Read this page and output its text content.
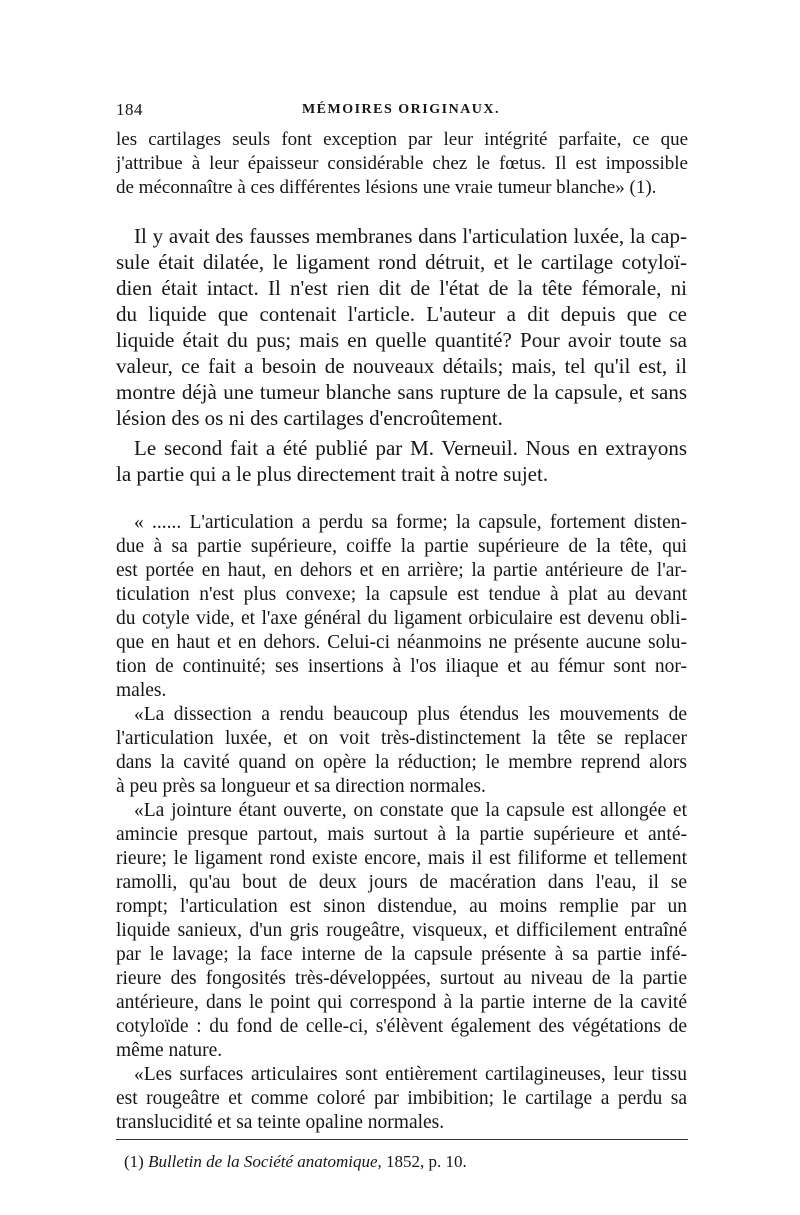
184	MÉMOIRES ORIGINAUX.
les cartilages seuls font exception par leur intégrité parfaite, ce que
j'attribue à leur épaisseur considérable chez le fœtus. Il est impossible
de méconnaître à ces différentes lésions une vraie tumeur blanche» (1).
Il y avait des fausses membranes dans l'articulation luxée, la cap-
sule était dilatée, le ligament rond détruit, et le cartilage cotyloï-
dien était intact. Il n'est rien dit de l'état de la tête fémorale, ni
du liquide que contenait l'article. L'auteur a dit depuis que ce
liquide était du pus; mais en quelle quantité? Pour avoir toute sa
valeur, ce fait a besoin de nouveaux détails; mais, tel qu'il est, il
montre déjà une tumeur blanche sans rupture de la capsule, et sans
lésion des os ni des cartilages d'encroûtement.
Le second fait a été publié par M. Verneuil. Nous en extrayons
la partie qui a le plus directement trait à notre sujet.
« ...... L'articulation a perdu sa forme; la capsule, fortement disten-
due à sa partie supérieure, coiffe la partie supérieure de la tête, qui
est portée en haut, en dehors et en arrière; la partie antérieure de l'ar-
ticulation n'est plus convexe; la capsule est tendue à plat au devant
du cotyle vide, et l'axe général du ligament orbiculaire est devenu obli-
que en haut et en dehors. Celui-ci néanmoins ne présente aucune solu-
tion de continuité; ses insertions à l'os iliaque et au fémur sont nor-
males.
«La dissection a rendu beaucoup plus étendus les mouvements de
l'articulation luxée, et on voit très-distinctement la tête se replacer
dans la cavité quand on opère la réduction; le membre reprend alors
à peu près sa longueur et sa direction normales.
«La jointure étant ouverte, on constate que la capsule est allongée et
amincie presque partout, mais surtout à la partie supérieure et anté-
rieure; le ligament rond existe encore, mais il est filiforme et tellement
ramolli, qu'au bout de deux jours de macération dans l'eau, il se
rompt; l'articulation est sinon distendue, au moins remplie par un
liquide sanieux, d'un gris rougeâtre, visqueux, et difficilement entraîné
par le lavage; la face interne de la capsule présente à sa partie infé-
rieure des fongosités très-développées, surtout au niveau de la partie
antérieure, dans le point qui correspond à la partie interne de la cavité
cotyloïde : du fond de celle-ci, s'élèvent également des végétations de
même nature.
«Les surfaces articulaires sont entièrement cartilagineuses, leur tissu
est rougeâtre et comme coloré par imbibition; le cartilage a perdu sa
translucidité et sa teinte opaline normales.
(1) Bulletin de la Société anatomique, 1852, p. 10.
